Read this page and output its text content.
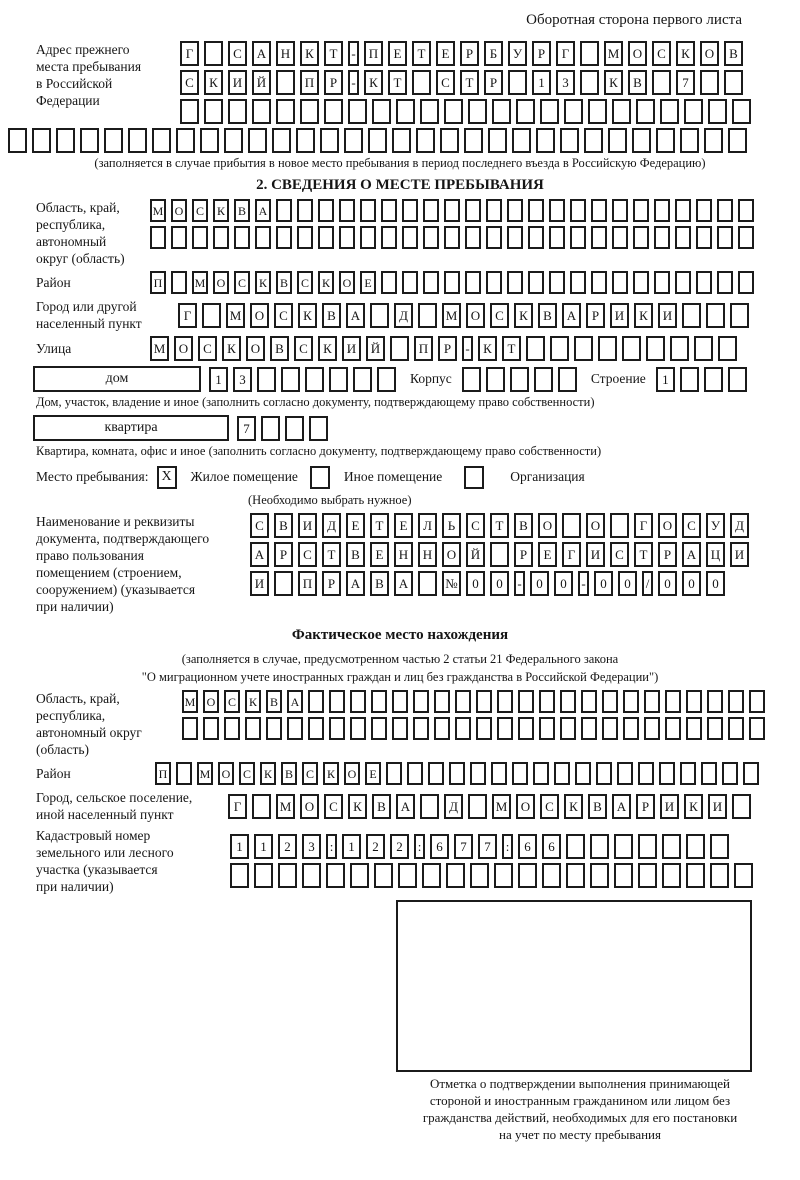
Оборотная сторона первого листа
Адрес прежнего
места пребывания
в Российской
Федерации
Г	С	А	Н	К	Т	-	П	Е	Т	Е	Р	Б	У	Р	Г	М	О	С	К	О	В
С	К	И	Й	П	Р	-	К	Т	С	Т	Р	1	3	К	В	7
(заполняется в случае прибытия в новое место пребывания в период последнего въезда в Российскую Федерацию)
2. СВЕДЕНИЯ О МЕСТЕ ПРЕБЫВАНИЯ
Область, край,
республика,
автономный
округ (область)
М О	С	К	В	А
Район	П	М О	С	К	В	С	К	О	Е
Город или другой
населенный пункт
Г	М	О	С	К	В	А	Д	М	О	С	К	В	А	Р	И	К	И
Улица	М	О	С	К	О	В	С	К	И	Й	П	Р	-	К	Т
дом	1	3	Корпус	Строение	1
Дом, участок, владение и иное (заполнить согласно документу, подтверждающему право собственности)
квартира	7
Квартира, комната, офис и иное (заполнить согласно документу, подтверждающему право собственности)
Место пребывания: X	Жилое помещение	Иное помещение	Организация
(Необходимо выбрать нужное)
Наименование и реквизиты
документа, подтверждающего
право пользования
помещением (строением,
сооружением) (указывается
при наличии)
С	В	И	Д	Е	Т	Е	Л	Ь	С	Т	В	О	О	Г	О	С	У	Д
А	Р	С	Т	В	Е	Н	Н	О	Й	Р	Е	Г	И	С	Т	Р	А	Ц	И
И	П	Р	А	В	А	№	0	0	-	0	0	-	0	0	/	0	0	0
Фактическое место нахождения
(заполняется в случае, предусмотренном частью 2 статьи 21 Федерального закона
"О миграционном учете иностранных граждан и лиц без гражданства в Российской Федерации")
Область, край,
республика,
автономный округ
(область)
М О	С	К	В	А
Район	П	М О	С	К	В	С	К	О	Е
Город, сельское поселение,
иной населенный пункт
Г	М	О	С	К	В	А	Д	М	О	С	К	В	А	Р	И	К	И
Кадастровый номер
земельного или лесного
участка (указывается
при наличии)
1	1	2	3	:	1	2	2	:	6	7	7	:	6	6
Отметка о подтверждении выполнения принимающей
стороной и иностранным гражданином или лицом без
гражданства действий, необходимых для его постановки
на учет по месту пребывания
